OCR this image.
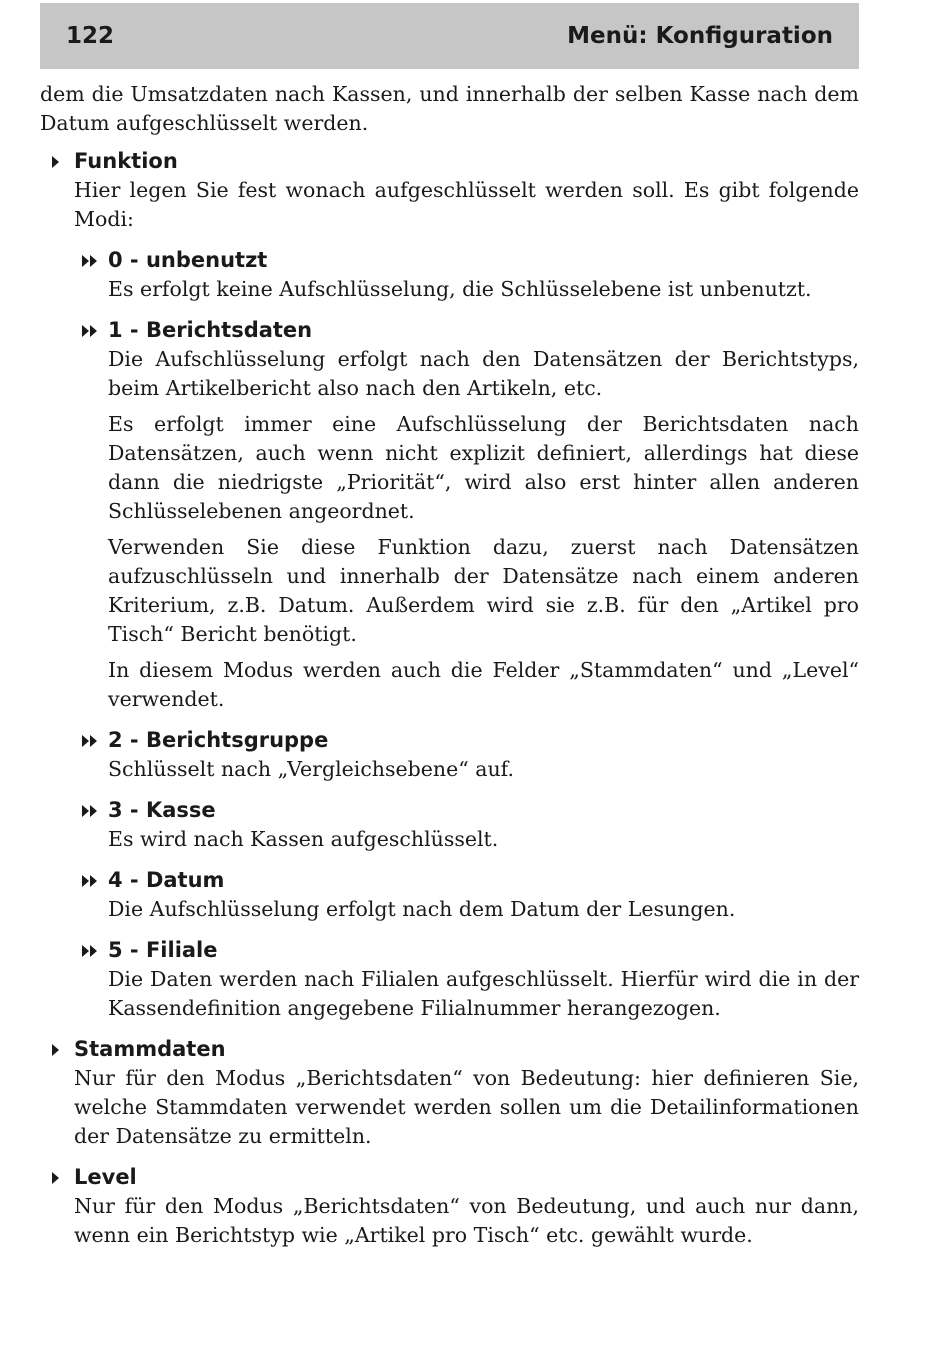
122	Menü: Konfiguration

dem die Umsatzdaten nach Kassen, und innerhalb der selben Kasse nach dem Datum aufgeschlüsselt werden.

Funktion

Hier legen Sie fest wonach aufgeschlüsselt werden soll. Es gibt folgende Modi:

0 - unbenutzt

Es erfolgt keine Aufschlüsselung, die Schlüsselebene ist unbenutzt.

1 - Berichtsdaten

Die Aufschlüsselung erfolgt nach den Datensätzen der Berichtstyps, beim Artikelbericht also nach den Artikeln, etc.

Es erfolgt immer eine Aufschlüsselung der Berichtsdaten nach Datensätzen, auch wenn nicht explizit definiert, allerdings hat diese dann die niedrigste „Priorität“, wird also erst hinter allen anderen Schlüsselebenen angeordnet.

Verwenden Sie diese Funktion dazu, zuerst nach Datensätzen aufzuschlüsseln und innerhalb der Datensätze nach einem anderen Kriterium, z.B. Datum. Außerdem wird sie z.B. für den „Artikel pro Tisch“ Bericht benötigt.

In diesem Modus werden auch die Felder „Stammdaten“ und „Level“ verwendet.

2 - Berichtsgruppe

Schlüsselt nach „Vergleichsebene“ auf.

3 - Kasse

Es wird nach Kassen aufgeschlüsselt.

4 - Datum

Die Aufschlüsselung erfolgt nach dem Datum der Lesungen.

5 - Filiale

Die Daten werden nach Filialen aufgeschlüsselt. Hierfür wird die in der Kassendefinition angegebene Filialnummer herangezogen.

Stammdaten

Nur für den Modus „Berichtsdaten“ von Bedeutung: hier definieren Sie, welche Stammdaten verwendet werden sollen um die Detailinformationen der Datensätze zu ermitteln.

Level

Nur für den Modus „Berichtsdaten“ von Bedeutung, und auch nur dann, wenn ein Berichtstyp wie „Artikel pro Tisch“ etc. gewählt wurde.
